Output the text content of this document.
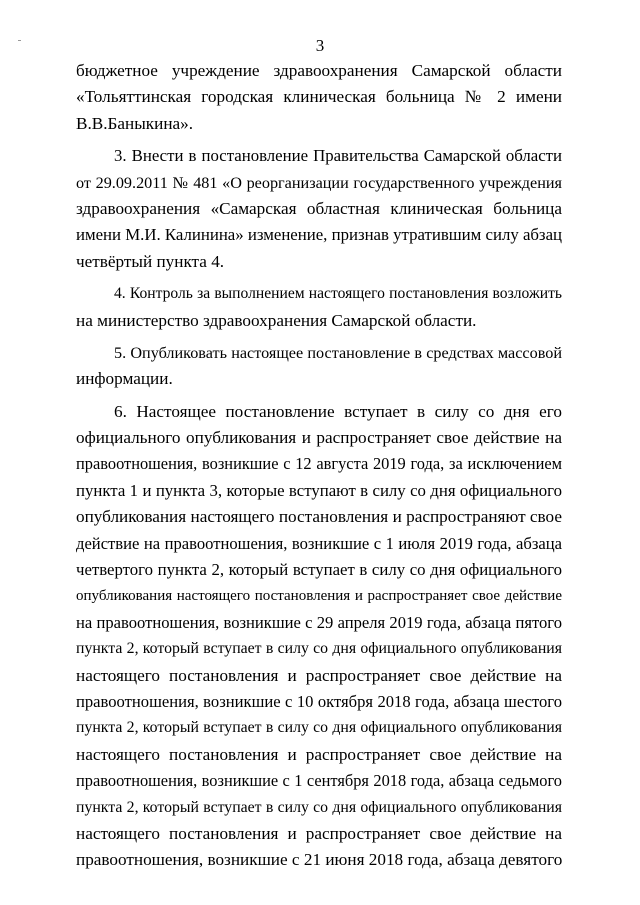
3
бюджетное учреждение здравоохранения Самарской области
«Тольяттинская городская клиническая больница № 2 имени
В.В.Баныкина».
3. Внести в постановление Правительства Самарской области
от 29.09.2011 № 481 «О реорганизации государственного учреждения
здравоохранения «Самарская областная клиническая больница
имени М.И. Калинина» изменение, признав утратившим силу абзац
четвёртый пункта 4.
4. Контроль за выполнением настоящего постановления возложить
на министерство здравоохранения Самарской области.
5. Опубликовать настоящее постановление в средствах массовой
информации.
6. Настоящее постановление вступает в силу со дня его
официального опубликования и распространяет свое действие на
правоотношения, возникшие с 12 августа 2019 года, за исключением
пункта 1 и пункта 3, которые вступают в силу со дня официального
опубликования настоящего постановления и распространяют свое
действие на правоотношения, возникшие с 1 июля 2019 года, абзаца
четвертого пункта 2, который вступает в силу со дня официального
опубликования настоящего постановления и распространяет свое действие
на правоотношения, возникшие с 29 апреля 2019 года, абзаца пятого
пункта 2, который вступает в силу со дня официального опубликования
настоящего постановления и распространяет свое действие на
правоотношения, возникшие с 10 октября 2018 года, абзаца шестого
пункта 2, который вступает в силу со дня официального опубликования
настоящего постановления и распространяет свое действие на
правоотношения, возникшие с 1 сентября 2018 года, абзаца седьмого
пункта 2, который вступает в силу со дня официального опубликования
настоящего постановления и распространяет свое действие на
правоотношения, возникшие с 21 июня 2018 года, абзаца девятого
